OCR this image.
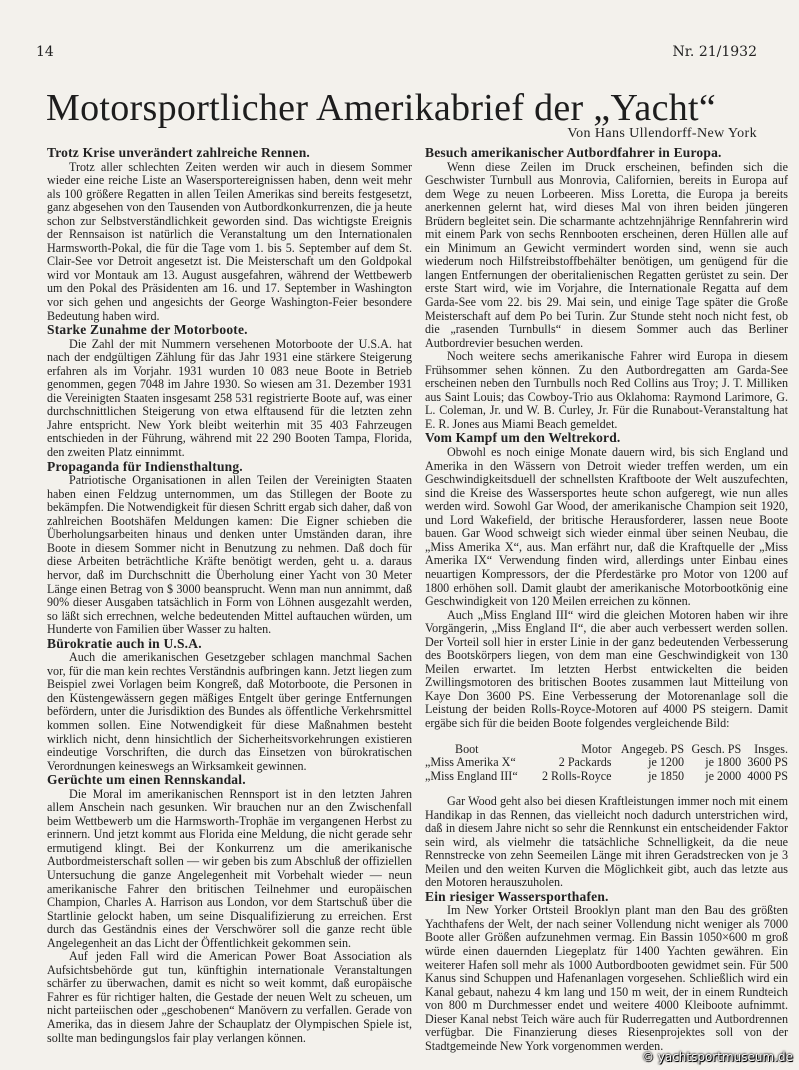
14	Nr. 21/1932
Motorsportlicher Amerikabrief der „Yacht“
Von Hans Ullendorff-New York
Trotz Krise unverändert zahlreiche Rennen.

Trotz aller schlechten Zeiten werden wir auch in diesem Sommer wieder eine reiche Liste an Wasersportereignissen haben, denn weit mehr als 100 größere Regatten in allen Teilen Amerikas sind bereits festgesetzt, ganz abgesehen von den Tausenden von Autbordkonkurrenzen, die ja heute schon zur Selbstverständlichkeit geworden sind. Das wichtigste Ereignis der Rennsaison ist natürlich die Veranstaltung um den Internationalen Harmsworth-Pokal, die für die Tage vom 1. bis 5. September auf dem St. Clair-See vor Detroit angesetzt ist. Die Meisterschaft um den Goldpokal wird vor Montauk am 13. August ausgefahren, während der Wettbewerb um den Pokal des Präsidenten am 16. und 17. September in Washington vor sich gehen und angesichts der George Washington-Feier besondere Bedeutung haben wird.

Starke Zunahme der Motorboote.

Die Zahl der mit Nummern versehenen Motorboote der U.S.A. hat nach der endgültigen Zählung für das Jahr 1931 eine stärkere Steigerung erfahren als im Vorjahr. 1931 wurden 10 083 neue Boote in Betrieb genommen, gegen 7048 im Jahre 1930. So wiesen am 31. Dezember 1931 die Vereinigten Staaten insgesamt 258 531 registrierte Boote auf, was einer durchschnittlichen Steigerung von etwa elftausend für die letzten zehn Jahre entspricht. New York bleibt weiterhin mit 35 403 Fahrzeugen entschieden in der Führung, während mit 22 290 Booten Tampa, Florida, den zweiten Platz einnimmt.

Propaganda für Indiensthaltung.

Patriotische Organisationen in allen Teilen der Vereinigten Staaten haben einen Feldzug unternommen, um das Stillegen der Boote zu bekämpfen. Die Notwendigkeit für diesen Schritt ergab sich daher, daß von zahlreichen Bootshäfen Meldungen kamen: Die Eigner schieben die Überholungsarbeiten hinaus und denken unter Umständen daran, ihre Boote in diesem Sommer nicht in Benutzung zu nehmen. Daß doch für diese Arbeiten beträchtliche Kräfte benötigt werden, geht u. a. daraus hervor, daß im Durchschnitt die Überholung einer Yacht von 30 Meter Länge einen Betrag von $ 3000 beansprucht. Wenn man nun annimmt, daß 90% dieser Ausgaben tatsächlich in Form von Löhnen ausgezahlt werden, so läßt sich errechnen, welche bedeutenden Mittel auftauchen würden, um Hunderte von Familien über Wasser zu halten.

Bürokratie auch in U.S.A.

Auch die amerikanischen Gesetzgeber schlagen manchmal Sachen vor, für die man kein rechtes Verständnis aufbringen kann. Jetzt liegen zum Beispiel zwei Vorlagen beim Kongreß, daß Motorboote, die Personen in den Küstengewässern gegen mäßiges Entgelt über geringe Entfernungen befördern, unter die Jurisdiktion des Bundes als öffentliche Verkehrsmittel kommen sollen. Eine Notwendigkeit für diese Maßnahmen besteht wirklich nicht, denn hinsichtlich der Sicherheitsvorkehrungen existieren eindeutige Vorschriften, die durch das Einsetzen von bürokratischen Verordnungen keineswegs an Wirksamkeit gewinnen.

Gerüchte um einen Rennskandal.

Die Moral im amerikanischen Rennsport ist in den letzten Jahren allem Anschein nach gesunken. Wir brauchen nur an den Zwischenfall beim Wettbewerb um die Harmsworth-Trophäe im vergangenen Herbst zu erinnern. Und jetzt kommt aus Florida eine Meldung, die nicht gerade sehr ermutigend klingt. Bei der Konkurrenz um die amerikanische Autbordmeisterschaft sollen — wir geben bis zum Abschluß der offiziellen Untersuchung die ganze Angelegenheit mit Vorbehalt wieder — neun amerikanische Fahrer den britischen Teilnehmer und europäischen Champion, Charles A. Harrison aus London, vor dem Startschuß über die Startlinie gelockt haben, um seine Disqualifizierung zu erreichen. Erst durch das Geständnis eines der Verschwörer soll die ganze recht üble Angelegenheit an das Licht der Öffentlichkeit gekommen sein.

Auf jeden Fall wird die American Power Boat Association als Aufsichtsbehörde gut tun, künftighin internationale Veranstaltungen schärfer zu überwachen, damit es nicht so weit kommt, daß europäische Fahrer es für richtiger halten, die Gestade der neuen Welt zu scheuen, um nicht parteiischen oder „geschobenen“ Manövern zu verfallen. Gerade von Amerika, das in diesem Jahre der Schauplatz der Olympischen Spiele ist, sollte man bedingungslos fair play verlangen können.

Besuch amerikanischer Autbordfahrer in Europa.

Wenn diese Zeilen im Druck erscheinen, befinden sich die Geschwister Turnbull aus Monrovia, Californien, bereits in Europa auf dem Wege zu neuen Lorbeeren. Miss Loretta, die Europa ja bereits anerkennen gelernt hat, wird dieses Mal von ihren beiden jüngeren Brüdern begleitet sein. Die scharmante achtzehnjährige Rennfahrerin wird mit einem Park von sechs Rennbooten erscheinen, deren Hüllen alle auf ein Minimum an Gewicht vermindert worden sind, wenn sie auch wiederum noch Hilfstreibstoffbehälter benötigen, um genügend für die langen Entfernungen der oberitalienischen Regatten gerüstet zu sein. Der erste Start wird, wie im Vorjahre, die Internationale Regatta auf dem Garda-See vom 22. bis 29. Mai sein, und einige Tage später die Große Meisterschaft auf dem Po bei Turin. Zur Stunde steht noch nicht fest, ob die „rasenden Turnbulls“ in diesem Sommer auch das Berliner Autbordrevier besuchen werden.

Noch weitere sechs amerikanische Fahrer wird Europa in diesem Frühsommer sehen können. Zu den Autbordregatten am Garda-See erscheinen neben den Turnbulls noch Red Collins aus Troy; J. T. Milliken aus Saint Louis; das Cowboy-Trio aus Oklahoma: Raymond Larimore, G. L. Coleman, Jr. und W. B. Curley, Jr. Für die Runabout-Veranstaltung hat E. R. Jones aus Miami Beach gemeldet.

Vom Kampf um den Weltrekord.

Obwohl es noch einige Monate dauern wird, bis sich England und Amerika in den Wässern von Detroit wieder treffen werden, um ein Geschwindigkeitsduell der schnellsten Kraftboote der Welt auszufechten, sind die Kreise des Wassersportes heute schon aufgeregt, wie nun alles werden wird. Sowohl Gar Wood, der amerikanische Champion seit 1920, und Lord Wakefield, der britische Herausforderer, lassen neue Boote bauen. Gar Wood schweigt sich wieder einmal über seinen Neubau, die „Miss Amerika X“, aus. Man erfährt nur, daß die Kraftquelle der „Miss Amerika IX“ Verwendung finden wird, allerdings unter Einbau eines neuartigen Kompressors, der die Pferdestärke pro Motor von 1200 auf 1800 erhöhen soll. Damit glaubt der amerikanische Motorbootkönig eine Geschwindigkeit von 120 Meilen erreichen zu können.

Auch „Miss England III“ wird die gleichen Motoren haben wir ihre Vorgängerin, „Miss England II“, die aber auch verbessert werden sollen. Der Vorteil soll hier in erster Linie in der ganz bedeutenden Verbesserung des Bootskörpers liegen, von dem man eine Geschwindigkeit von 130 Meilen erwartet. Im letzten Herbst entwickelten die beiden Zwillingsmotoren des britischen Bootes zusammen laut Mitteilung von Kaye Don 3600 PS. Eine Verbesserung der Motorenanlage soll die Leistung der beiden Rolls-Royce-Motoren auf 4000 PS steigern. Damit ergäbe sich für die beiden Boote folgendes vergleichende Bild:

Boot	Motor	Angegeb. PS	Gesch. PS	Insges.
„Miss Amerika X“	2 Packards	je 1200	je 1800	3600 PS
„Miss England III“	2 Rolls-Royce	je 1850	je 2000	4000 PS

Gar Wood geht also bei diesen Kraftleistungen immer noch mit einem Handikap in das Rennen, das vielleicht noch dadurch unterstrichen wird, daß in diesem Jahre nicht so sehr die Rennkunst ein entscheidender Faktor sein wird, als vielmehr die tatsächliche Schnelligkeit, da die neue Rennstrecke von zehn Seemeilen Länge mit ihren Geradstrecken von je 3 Meilen und den weiten Kurven die Möglichkeit gibt, auch das letzte aus den Motoren herauszuholen.

Ein riesiger Wassersporthafen.

Im New Yorker Ortsteil Brooklyn plant man den Bau des größten Yachthafens der Welt, der nach seiner Vollendung nicht weniger als 7000 Boote aller Größen aufzunehmen vermag. Ein Bassin 1050×600 m groß würde einen dauernden Liegeplatz für 1400 Yachten gewähren. Ein weiterer Hafen soll mehr als 1000 Autbordbooten gewidmet sein. Für 500 Kanus sind Schuppen und Hafenanlagen vorgesehen. Schließlich wird ein Kanal gebaut, nahezu 4 km lang und 150 m weit, der in einem Rundteich von 800 m Durchmesser endet und weitere 4000 Kleiboote aufnimmt. Dieser Kanal nebst Teich wäre auch für Ruderregatten und Autbordrennen verfügbar. Die Finanzierung dieses Riesenprojektes soll von der Stadtgemeinde New York vorgenommen werden.

© yachtsportmuseum.de
